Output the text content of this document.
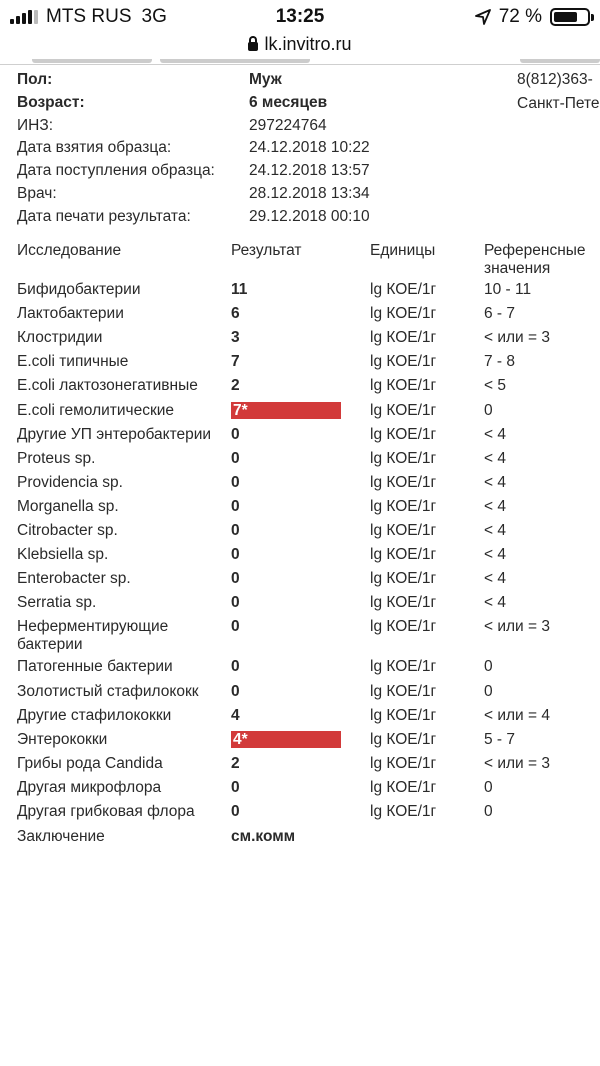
MTS RUS 3G	13:25	72 %
lk.invitro.ru
Пол:	Муж
Возраст:	6 месяцев
ИНЗ:	297224764
Дата взятия образца:	24.12.2018 10:22
Дата поступления образца: 24.12.2018 13:57
Врач:	28.12.2018 13:34
Дата печати результата:	29.12.2018 00:10
8(812)363-
Санкт-Пете
Исследование	Результат	Единицы	Референсные значения
Бифидобактерии	11	lg КОЕ/1г	10 - 11
Лактобактерии	6	lg КОЕ/1г	6 - 7
Клостридии	3	lg КОЕ/1г	< или = 3
E.coli типичные	7	lg КОЕ/1г	7 - 8
E.coli лактозонегативные 2	lg КОЕ/1г	< 5
E.coli гемолитические	7*	lg КОЕ/1г	0
Другие УП энтеробактерии 0	lg КОЕ/1г	< 4
Proteus sp.	0	lg КОЕ/1г	< 4
Providencia sp.	0	lg КОЕ/1г	< 4
Morganella sp.	0	lg КОЕ/1г	< 4
Citrobacter sp.	0	lg КОЕ/1г	< 4
Klebsiella sp.	0	lg КОЕ/1г	< 4
Enterobacter sp.	0	lg КОЕ/1г	< 4
Serratia sp.	0	lg КОЕ/1г	< 4
Неферментирующие бактерии
0	lg КОЕ/1г	< или = 3
Патогенные бактерии	0	lg КОЕ/1г	0
Золотистый стафилококк 0	lg КОЕ/1г	0
Другие стафилококки	4	lg КОЕ/1г	< или = 4
Энтерококки	4*	lg КОЕ/1г	5 - 7
Грибы рода Candida	2	lg КОЕ/1г	< или = 3
Другая микрофлора	0	lg КОЕ/1г	0
Другая грибковая флора 0	lg КОЕ/1г	0
Заключение	см.комм
